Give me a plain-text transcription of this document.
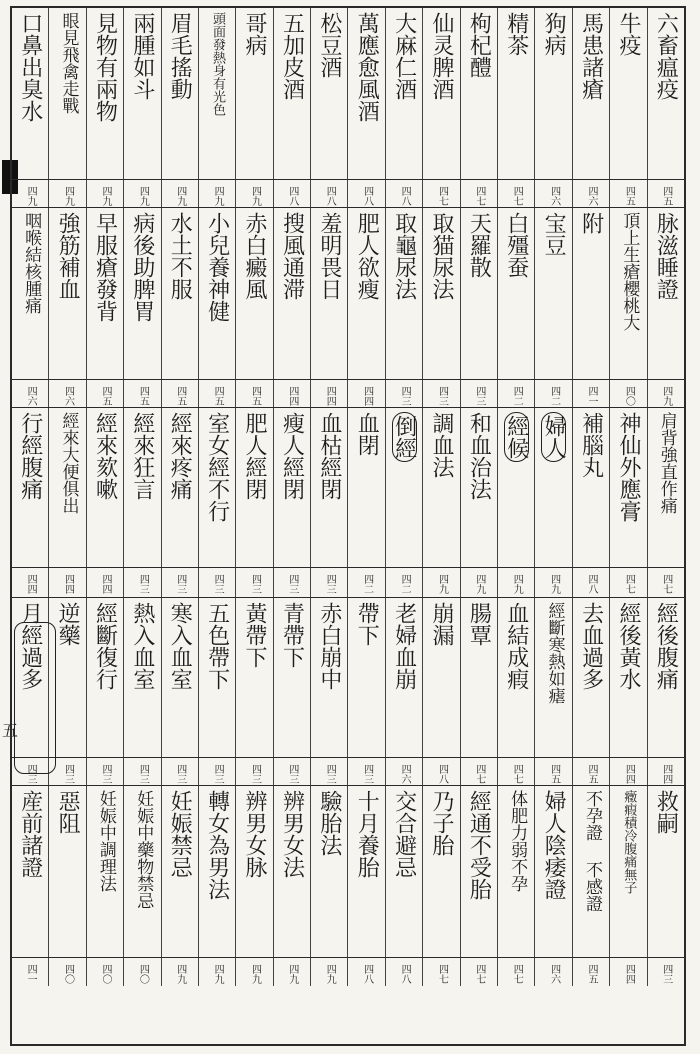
五
六畜瘟疫
牛疫
馬患諸瘡
狗病
精茶
枸杞醴
仙灵脾酒
大麻仁酒
萬應愈風酒
松豆酒
五加皮酒
哥病
頭面發熱身有光色
眉毛搖動
兩腫如斗
見物有兩物
眼見飛禽走戰
口鼻出臭水
四五
四五
四六
四六
四七
四七
四七
四八
四八
四八
四八
四九
四九
四九
四九
四九
四九
四九
脉滋睡證
頂上生瘡櫻桃大
附
宝豆
白殭蚕
天羅散
取猫尿法
取龜尿法
肥人欲瘦
羞明畏日
搜風通滞
赤白癜風
小兒養神健
水土不服
病後助脾胃
早服瘡發背
強筋補血
咽喉結核腫痛
四九
四〇
四一
四二
四二
四三
四三
四三
四四
四四
四四
四五
四五
四五
四五
四五
四六
四六
肩背強直作痛
神仙外應膏
補腦丸
婦人
經候
和血治法
調血法
倒經
血閉
血枯經閉
瘦人經閉
肥人經閉
室女經不行
經來疼痛
經來狂言
經來欬嗽
經來大便俱出
行經腹痛
四七
四七
四八
四九
四九
四九
四九
四二
四二
四三
四三
四三
四三
四三
四三
四四
四四
四四
經後腹痛
經後黃水
去血過多
經斷寒熱如瘧
血結成瘕
腸覃
崩漏
老婦血崩
帶下
赤白崩中
青帶下
黃帶下
五色帶下
寒入血室
熱入血室
經斷復行
逆藥
月經過多
四四
四四
四五
四五
四七
四七
四八
四六
四三
四三
四三
四三
四三
四三
四三
四三
四三
四三
救嗣
癥瘕積冷腹痛無子
不孕證 不感證
婦人陰痿證
体肥力弱不孕
經通不受胎
乃子胎
交合避忌
十月養胎
驗胎法
辨男女法
辨男女脉
轉女為男法
妊娠禁忌
妊娠中藥物禁忌
妊娠中調理法
惡阻
産前諸證
四三
四四
四五
四六
四七
四七
四七
四八
四八
四九
四九
四九
四九
四九
四〇
四〇
四〇
四一
